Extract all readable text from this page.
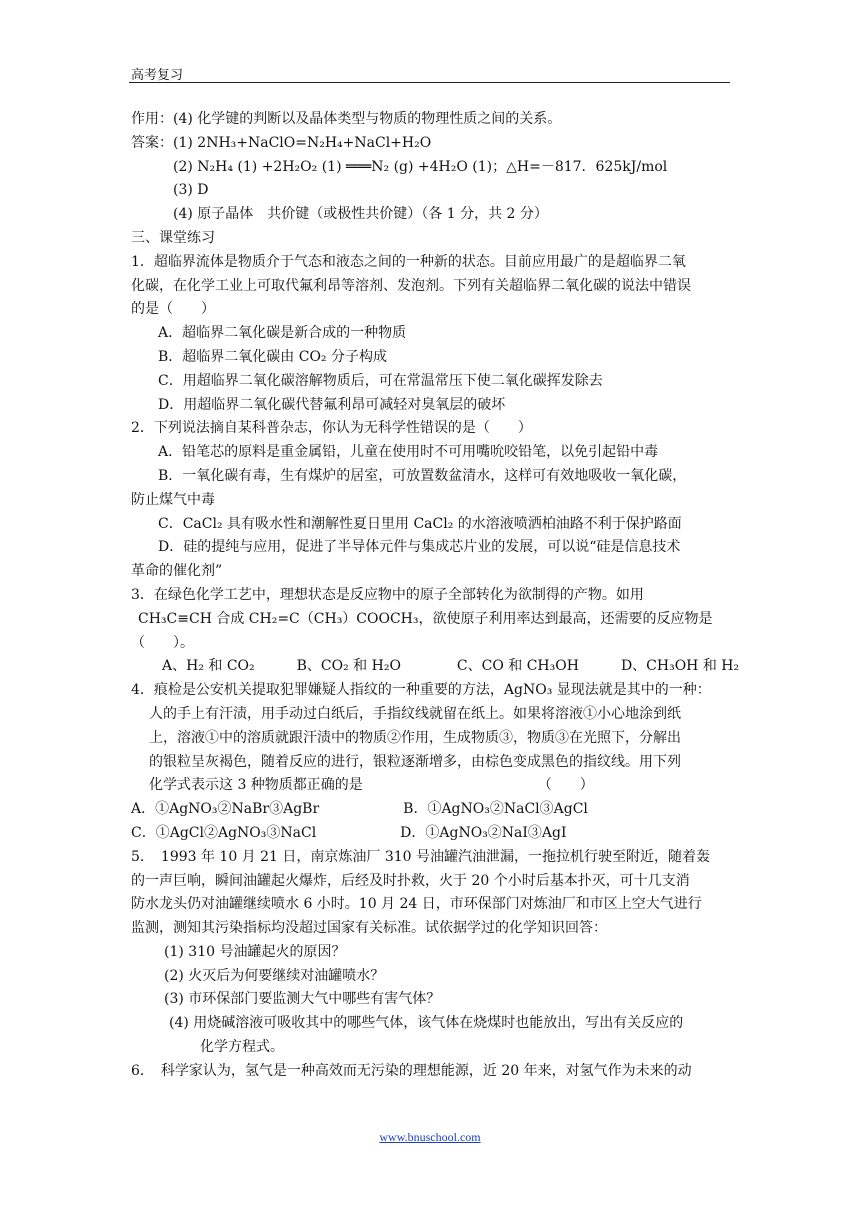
高考复习
作用：(4) 化学键的判断以及晶体类型与物质的物理性质之间的关系。
答案：(1) 2NH₃+NaClO=N₂H₄+NaCl+H₂O
(2) N₂H₄ (1) +2H₂O₂ (1) ═══N₂ (g) +4H₂O (1)；△H=－817．625kJ/mol
(3) D
(4) 原子晶体　共价键（或极性共价键）（各 1 分，共 2 分）
三、课堂练习
1．超临界流体是物质介于气态和液态之间的一种新的状态。目前应用最广的是超临界二氧
化碳，在化学工业上可取代氟利昂等溶剂、发泡剂。下列有关超临界二氧化碳的说法中错误
的是（　　）
A．超临界二氧化碳是新合成的一种物质
B．超临界二氧化碳由 CO₂ 分子构成
C．用超临界二氧化碳溶解物质后，可在常温常压下使二氧化碳挥发除去
D．用超临界二氧化碳代替氟利昂可减轻对臭氧层的破坏
2．下列说法摘自某科普杂志，你认为无科学性错误的是（　　）
A．铅笔芯的原料是重金属铅，儿童在使用时不可用嘴吮咬铅笔，以免引起铅中毒
B．一氧化碳有毒，生有煤炉的居室，可放置数盆清水，这样可有效地吸收一氧化碳，
防止煤气中毒
C．CaCl₂ 具有吸水性和潮解性夏日里用 CaCl₂ 的水溶液喷洒柏油路不利于保护路面
D．硅的提纯与应用，促进了半导体元件与集成芯片业的发展，可以说“硅是信息技术
革命的催化剂”
3．在绿色化学工艺中，理想状态是反应物中的原子全部转化为欲制得的产物。如用
CH₃C≡CH 合成 CH₂=C（CH₃）COOCH₃，欲使原子利用率达到最高，还需要的反应物是
（　　）。
A、H₂ 和 CO₂　　　B、CO₂ 和 H₂O　　　　C、CO 和 CH₃OH　　　D、CH₃OH 和 H₂
4．痕检是公安机关提取犯罪嫌疑人指纹的一种重要的方法，AgNO₃ 显现法就是其中的一种：
人的手上有汗渍，用手动过白纸后，手指纹线就留在纸上。如果将溶液①小心地涂到纸
上，溶液①中的溶质就跟汗渍中的物质②作用，生成物质③，物质③在光照下，分解出
的银粒呈灰褐色，随着反应的进行，银粒逐渐增多，由棕色变成黑色的指纹线。用下列
化学式表示这 3 种物质都正确的是　　　　　　　　　　　　　（　　）
A．①AgNO₃②NaBr③AgBr　　　　　　B．①AgNO₃②NaCl③AgCl
C．①AgCl②AgNO₃③NaCl　　　　　　D．①AgNO₃②NaI③AgI
5．　1993 年 10 月 21 日，南京炼油厂 310 号油罐汽油泄漏，一拖拉机行驶至附近，随着轰
的一声巨响，瞬间油罐起火爆炸，后经及时扑救，火于 20 个小时后基本扑灭，可十几支消
防水龙头仍对油罐继续喷水 6 小时。10 月 24 日，市环保部门对炼油厂和市区上空大气进行
监测，测知其污染指标均没超过国家有关标准。试依据学过的化学知识回答：
(1) 310 号油罐起火的原因？
(2) 火灭后为何要继续对油罐喷水？
(3) 市环保部门要监测大气中哪些有害气体？
(4) 用烧碱溶液可吸收其中的哪些气体，该气体在烧煤时也能放出，写出有关反应的
化学方程式。
6．　科学家认为，氢气是一种高效而无污染的理想能源，近 20 年来，对氢气作为未来的动
www.bnuschool.com
